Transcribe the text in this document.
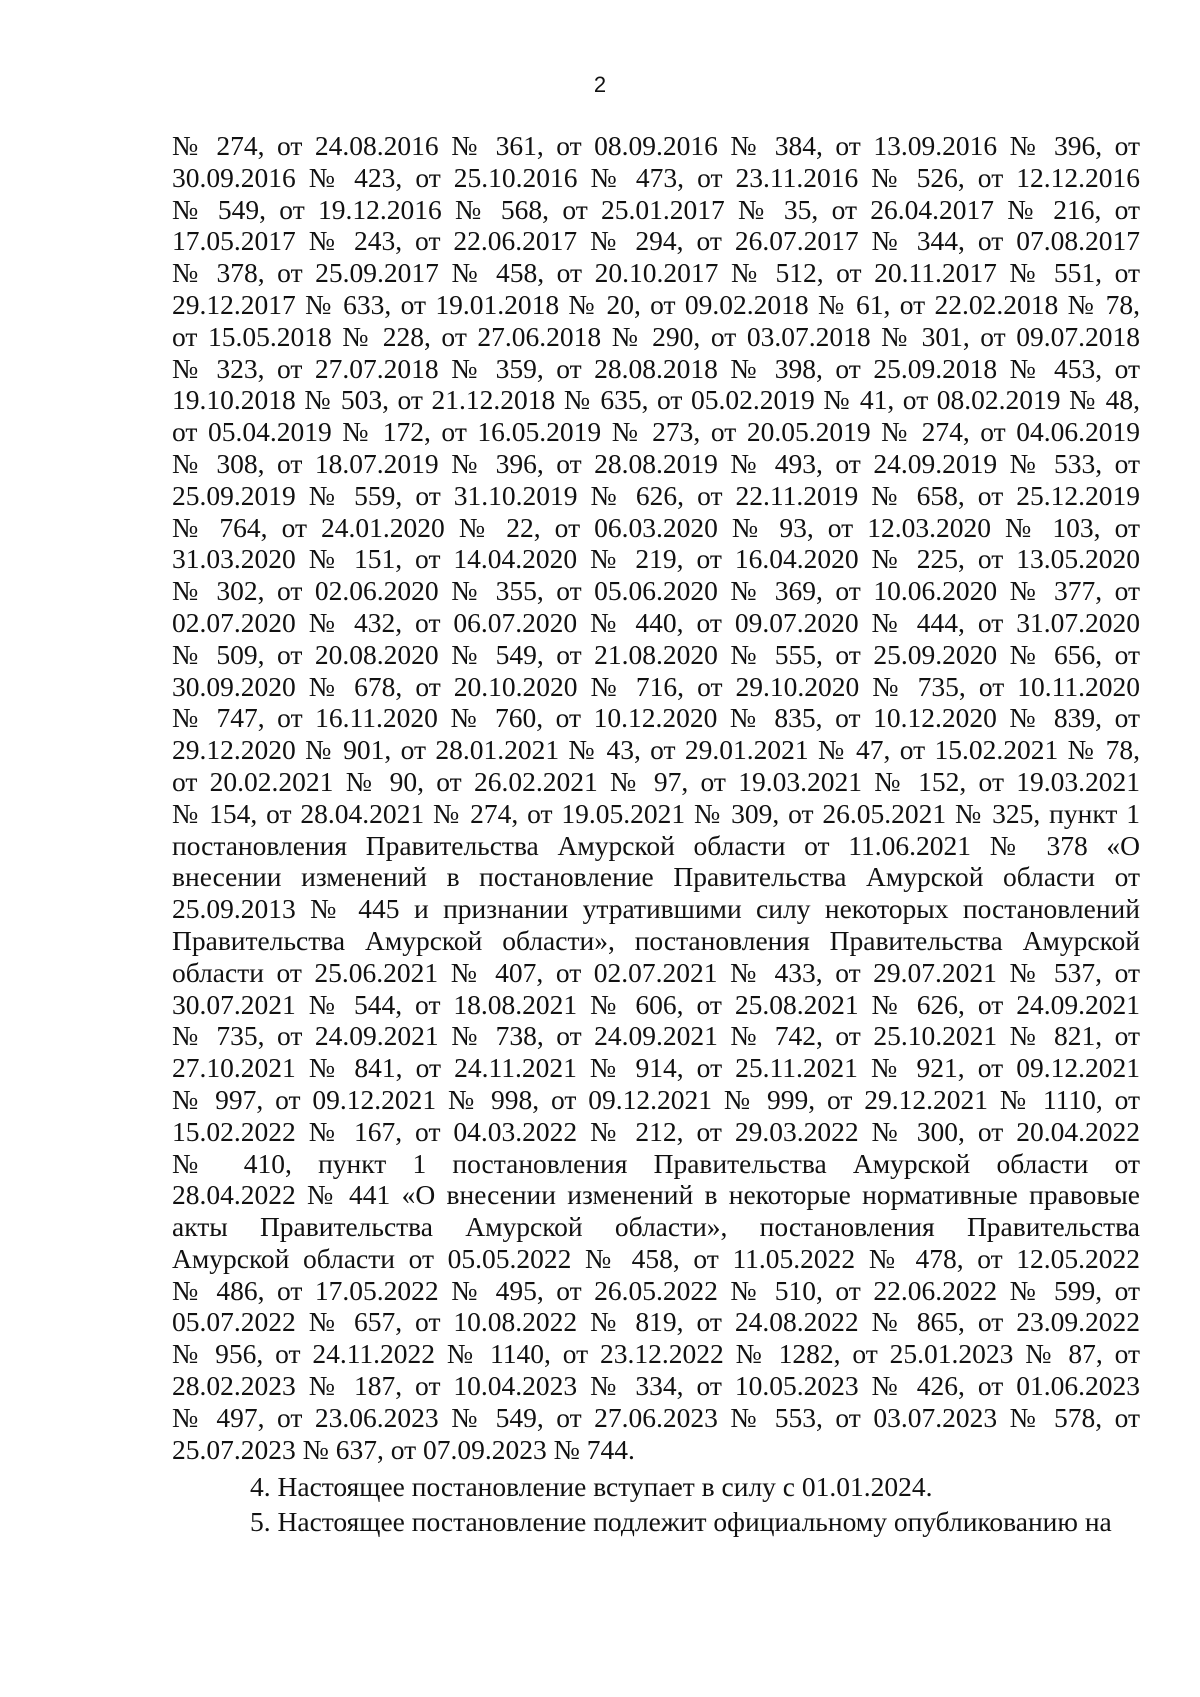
2
№ 274, от 24.08.2016 № 361, от 08.09.2016 № 384, от 13.09.2016 № 396, от
30.09.2016 № 423, от 25.10.2016 № 473, от 23.11.2016 № 526, от 12.12.2016
№ 549, от 19.12.2016 № 568, от 25.01.2017 № 35, от 26.04.2017 № 216, от
17.05.2017 № 243, от 22.06.2017 № 294, от 26.07.2017 № 344, от 07.08.2017
№ 378, от 25.09.2017 № 458, от 20.10.2017 № 512, от 20.11.2017 № 551, от
29.12.2017 № 633, от 19.01.2018 № 20, от 09.02.2018 № 61, от 22.02.2018 № 78,
от 15.05.2018 № 228, от 27.06.2018 № 290, от 03.07.2018 № 301, от 09.07.2018
№ 323, от 27.07.2018 № 359, от 28.08.2018 № 398, от 25.09.2018 № 453, от
19.10.2018 № 503, от 21.12.2018 № 635, от 05.02.2019 № 41, от 08.02.2019 № 48,
от 05.04.2019 № 172, от 16.05.2019 № 273, от 20.05.2019 № 274, от 04.06.2019
№ 308, от 18.07.2019 № 396, от 28.08.2019 № 493, от 24.09.2019 № 533, от
25.09.2019 № 559, от 31.10.2019 № 626, от 22.11.2019 № 658, от 25.12.2019
№ 764, от 24.01.2020 № 22, от 06.03.2020 № 93, от 12.03.2020 № 103, от
31.03.2020 № 151, от 14.04.2020 № 219, от 16.04.2020 № 225, от 13.05.2020
№ 302, от 02.06.2020 № 355, от 05.06.2020 № 369, от 10.06.2020 № 377, от
02.07.2020 № 432, от 06.07.2020 № 440, от 09.07.2020 № 444, от 31.07.2020
№ 509, от 20.08.2020 № 549, от 21.08.2020 № 555, от 25.09.2020 № 656, от
30.09.2020 № 678, от 20.10.2020 № 716, от 29.10.2020 № 735, от 10.11.2020
№ 747, от 16.11.2020 № 760, от 10.12.2020 № 835, от 10.12.2020 № 839, от
29.12.2020 № 901, от 28.01.2021 № 43, от 29.01.2021 № 47, от 15.02.2021 № 78,
от 20.02.2021 № 90, от 26.02.2021 № 97, от 19.03.2021 № 152, от 19.03.2021
№ 154, от 28.04.2021 № 274, от 19.05.2021 № 309, от 26.05.2021 № 325, пункт 1
постановления Правительства Амурской области от 11.06.2021 № 378 «О
внесении изменений в постановление Правительства Амурской области от
25.09.2013 № 445 и признании утратившими силу некоторых постановлений
Правительства Амурской области», постановления Правительства Амурской
области от 25.06.2021 № 407, от 02.07.2021 № 433, от 29.07.2021 № 537, от
30.07.2021 № 544, от 18.08.2021 № 606, от 25.08.2021 № 626, от 24.09.2021
№ 735, от 24.09.2021 № 738, от 24.09.2021 № 742, от 25.10.2021 № 821, от
27.10.2021 № 841, от 24.11.2021 № 914, от 25.11.2021 № 921, от 09.12.2021
№ 997, от 09.12.2021 № 998, от 09.12.2021 № 999, от 29.12.2021 № 1110, от
15.02.2022 № 167, от 04.03.2022 № 212, от 29.03.2022 № 300, от 20.04.2022
№ 410, пункт 1 постановления Правительства Амурской области от
28.04.2022 № 441 «О внесении изменений в некоторые нормативные правовые
акты Правительства Амурской области», постановления Правительства
Амурской области от 05.05.2022 № 458, от 11.05.2022 № 478, от 12.05.2022
№ 486, от 17.05.2022 № 495, от 26.05.2022 № 510, от 22.06.2022 № 599, от
05.07.2022 № 657, от 10.08.2022 № 819, от 24.08.2022 № 865, от 23.09.2022
№ 956, от 24.11.2022 № 1140, от 23.12.2022 № 1282, от 25.01.2023 № 87, от
28.02.2023 № 187, от 10.04.2023 № 334, от 10.05.2023 № 426, от 01.06.2023
№ 497, от 23.06.2023 № 549, от 27.06.2023 № 553, от 03.07.2023 № 578, от
25.07.2023 № 637, от 07.09.2023 № 744.
4. Настоящее постановление вступает в силу с 01.01.2024.
5. Настоящее постановление подлежит официальному опубликованию на
